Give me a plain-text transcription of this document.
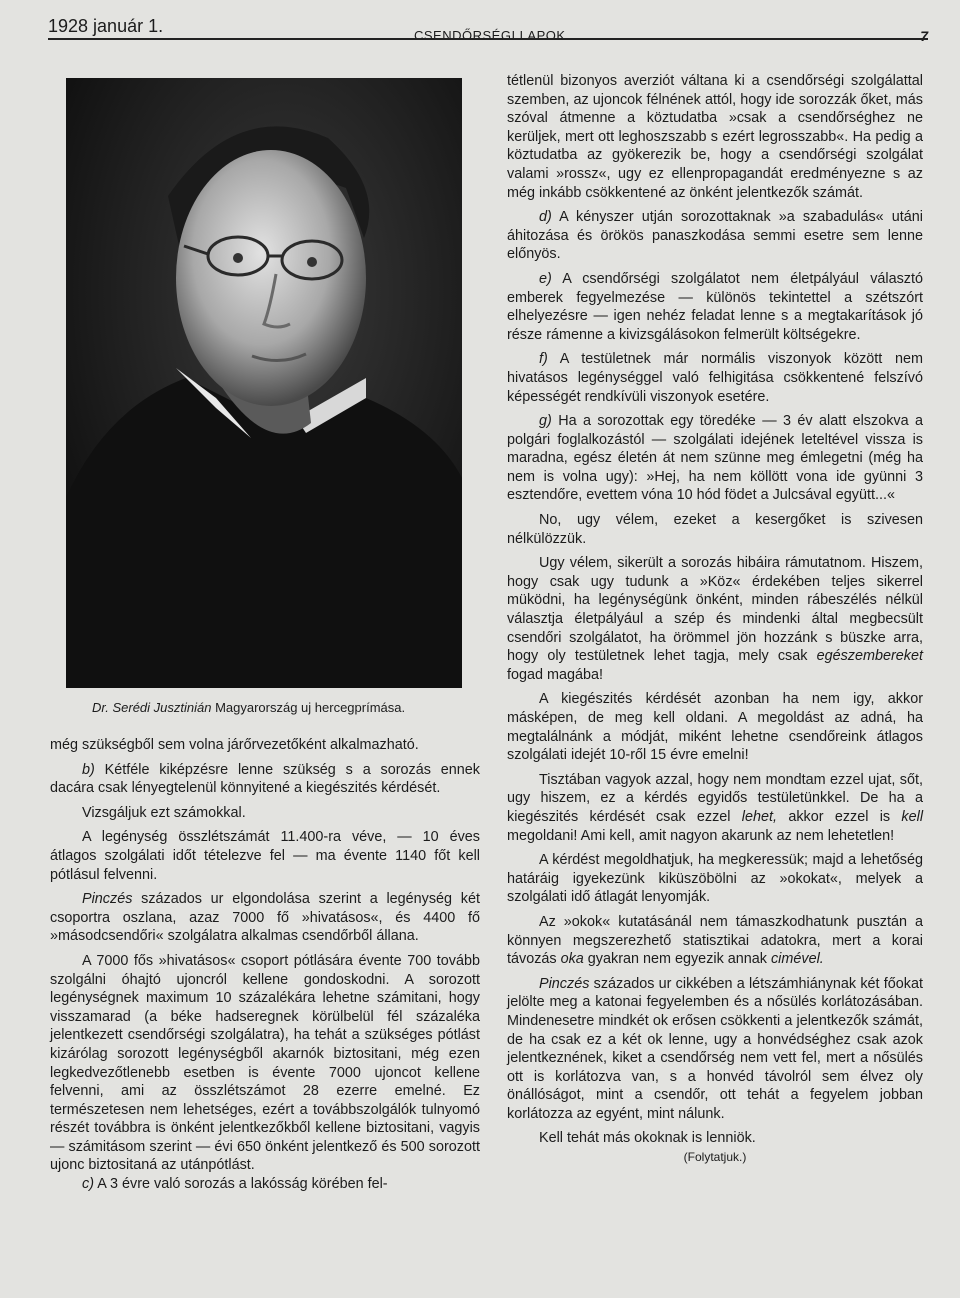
1928 január 1.	CSENDŐRSÉGI LAPOK	7
Dr. Serédi Jusztinián Magyarország uj hercegprímása.

még szükségből sem volna járőrvezetőként alkalmazható.

b) Kétféle kiképzésre lenne szükség s a sorozás ennek dacára csak lényegtelenül könnyitené a kiegészités kérdését.

Vizsgáljuk ezt számokkal.

A legénység összlétszámát 11.400-ra véve, — 10 éves átlagos szolgálati időt tételezve fel — ma évente 1140 főt kell pótlásul felvenni.

Pinczés százados ur elgondolása szerint a legénység két csoportra oszlana, azaz 7000 fő »hivatásos«, és 4400 fő »másodcsendőri« szolgálatra alkalmas csendőrből állana.

A 7000 fős »hivatásos« csoport pótlására évente 700 tovább szolgálni óhajtó ujoncról kellene gondoskodni. A sorozott legénységnek maximum 10 százalékára lehetne számitani, hogy visszamarad (a béke hadseregnek körülbelül fél százaléka jelentkezett csendőrségi szolgálatra), ha tehát a szükséges pótlást kizárólag sorozott legénységből akarnók biztositani, még ezen legkedvezőtlenebb esetben is évente 7000 ujoncot kellene felvenni, ami az összlétszámot 28 ezerre emelné. Ez természetesen nem lehetséges, ezért a továbbszolgálók tulnyomó részét továbbra is önként jelentkezőkből kellene biztositani, vagyis — számitásom szerint — évi 650 önként jelentkező és 500 sorozott ujonc biztositaná az utánpótlást.

c) A 3 évre való sorozás a lakósság körében fel-

tétlenül bizonyos averziót váltana ki a csendőrségi szolgálattal szemben, az ujoncok félnének attól, hogy ide sorozzák őket, más szóval átmenne a köztudatba »csak a csendőrséghez ne kerüljek, mert ott leghoszszabb s ezért legrosszabb«. Ha pedig a köztudatba az gyökerezik be, hogy a csendőrségi szolgálat valami »rossz«, ugy ez ellenpropagandát eredményezne s az még inkább csökkentené az önként jelentkezők számát.

d) A kényszer utján sorozottaknak »a szabadulás« utáni áhitozása és örökös panaszkodása semmi esetre sem lenne előnyös.

e) A csendőrségi szolgálatot nem életpályául választó emberek fegyelmezése — különös tekintettel a szétszórt elhelyezésre — igen nehéz feladat lenne s a megtakarítások jó része rámenne a kivizsgálásokon felmerült költségekre.

f) A testületnek már normális viszonyok között nem hivatásos legénységgel való felhigitása csökkentené felszívó képességét rendkívüli viszonyok esetére.

g) Ha a sorozottak egy töredéke — 3 év alatt elszokva a polgári foglalkozástól — szolgálati idejének leteltével vissza is maradna, egész életén át nem szünne meg émlegetni (még ha nem is volna ugy): »Hej, ha nem köllött vona ide gyünni 3 esztendőre, evettem vóna 10 hód födet a Julcsával együtt...«

No, ugy vélem, ezeket a kesergőket is szivesen nélkülözzük.

Ugy vélem, sikerült a sorozás hibáira rámutatnom. Hiszem, hogy csak ugy tudunk a »Köz« érdekében teljes sikerrel müködni, ha legénységünk önként, minden rábeszélés nélkül választja életpályául a szép és mindenki által megbecsült csendőri szolgálatot, ha örömmel jön hozzánk s büszke arra, hogy oly testületnek lehet tagja, mely csak egészembereket fogad magába!

A kiegészités kérdését azonban ha nem igy, akkor másképen, de meg kell oldani. A megoldást az adná, ha megtalálnánk a módját, miként lehetne csendőreink átlagos szolgálati idejét 10-ről 15 évre emelni!

Tisztában vagyok azzal, hogy nem mondtam ezzel ujat, sőt, ugy hiszem, ez a kérdés egyidős testületünkkel. De ha a kiegészités kérdését csak ezzel lehet, akkor ezzel is kell megoldani! Ami kell, amit nagyon akarunk az nem lehetetlen!

A kérdést megoldhatjuk, ha megkeressük; majd a lehetőség határáig igyekezünk kiküszöbölni az »okokat«, melyek a szolgálati idő átlagát lenyomják.

Az »okok« kutatásánál nem támaszkodhatunk pusztán a könnyen megszerezhető statisztikai adatokra, mert a korai távozás oka gyakran nem egyezik annak cimével.

Pinczés százados ur cikkében a létszámhiánynak két főokat jelölte meg a katonai fegyelemben és a nősülés korlátozásában. Mindenesetre mindkét ok erősen csökkenti a jelentkezők számát, de ha csak ez a két ok lenne, ugy a honvédséghez csak azok jelentkeznének, kiket a csendőrség nem vett fel, mert a nősülés ott is korlátozva van, s a honvéd távolról sem élvez oly önállóságot, mint a csendőr, ott tehát a fegyelem jobban korlátozza az egyént, mint nálunk.

Kell tehát más okoknak is lenniök.

(Folytatjuk.)
